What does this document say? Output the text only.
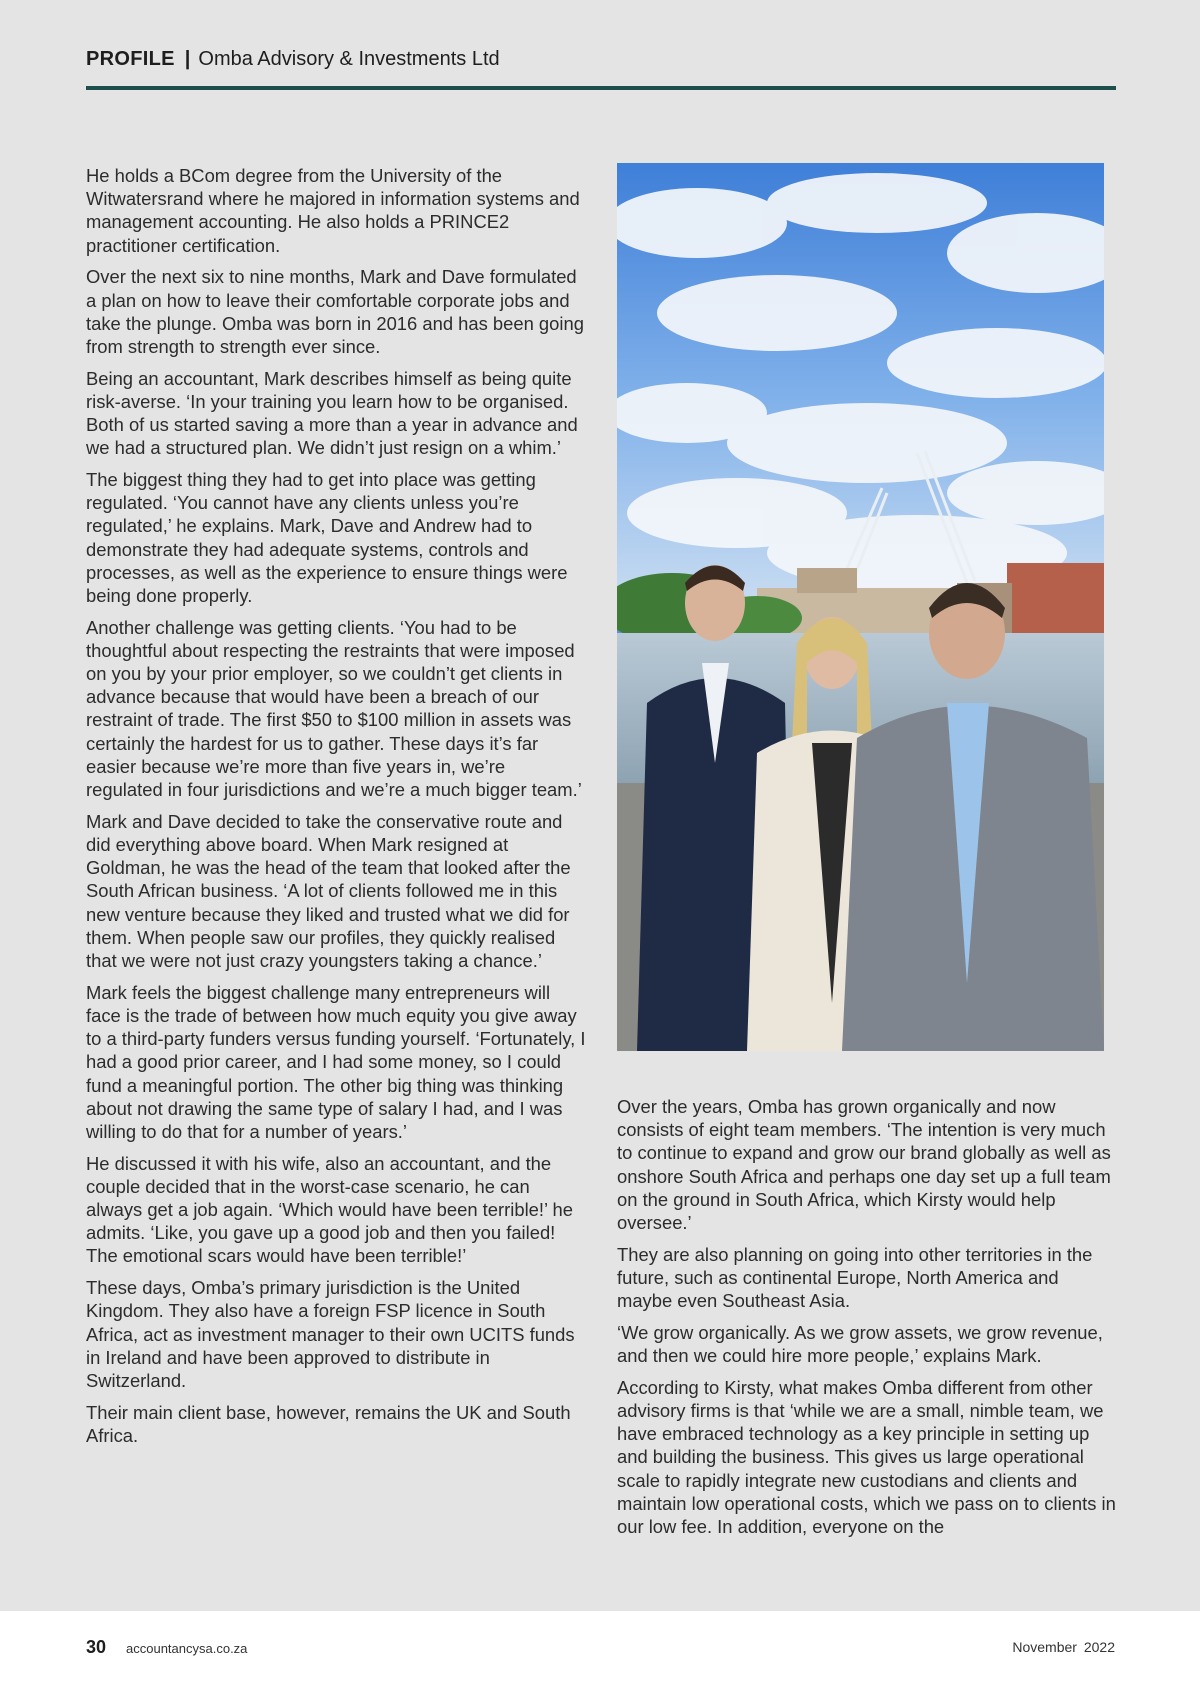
PROFILE | Omba Advisory & Investments Ltd

He holds a BCom degree from the University of the Witwatersrand where he majored in information systems and management accounting. He also holds a PRINCE2 practitioner certification.

Over the next six to nine months, Mark and Dave formulated a plan on how to leave their comfortable corporate jobs and take the plunge. Omba was born in 2016 and has been going from strength to strength ever since.

Being an accountant, Mark describes himself as being quite risk-averse. ‘In your training you learn how to be organised. Both of us started saving a more than a year in advance and we had a structured plan. We didn’t just resign on a whim.’

The biggest thing they had to get into place was getting regulated. ‘You cannot have any clients unless you’re regulated,’ he explains. Mark, Dave and Andrew had to demonstrate they had adequate systems, controls and processes, as well as the experience to ensure things were being done properly.

Another challenge was getting clients. ‘You had to be thoughtful about respecting the restraints that were imposed on you by your prior employer, so we couldn’t get clients in advance because that would have been a breach of our restraint of trade. The first $50 to $100 million in assets was certainly the hardest for us to gather. These days it’s far easier because we’re more than five years in, we’re regulated in four jurisdictions and we’re a much bigger team.’

Mark and Dave decided to take the conservative route and did everything above board. When Mark resigned at Goldman, he was the head of the team that looked after the South African business. ‘A lot of clients followed me in this new venture because they liked and trusted what we did for them. When people saw our profiles, they quickly realised that we were not just crazy youngsters taking a chance.’

Mark feels the biggest challenge many entrepreneurs will face is the trade of between how much equity you give away to a third-party funders versus funding yourself. ‘Fortunately, I had a good prior career, and I had some money, so I could fund a meaningful portion. The other big thing was thinking about not drawing the same type of salary I had, and I was willing to do that for a number of years.’

He discussed it with his wife, also an accountant, and the couple decided that in the worst-case scenario, he can always get a job again. ‘Which would have been terrible!’ he admits. ‘Like, you gave up a good job and then you failed! The emotional scars would have been terrible!’

These days, Omba’s primary jurisdiction is the United Kingdom. They also have a foreign FSP licence in South Africa, act as investment manager to their own UCITS funds in Ireland and have been approved to distribute in Switzerland.

Their main client base, however, remains the UK and South Africa.

Over the years, Omba has grown organically and now consists of eight team members. ‘The intention is very much to continue to expand and grow our brand globally as well as onshore South Africa and perhaps one day set up a full team on the ground in South Africa, which Kirsty would help oversee.’

They are also planning on going into other territories in the future, such as continental Europe, North America and maybe even Southeast Asia.

‘We grow organically. As we grow assets, we grow revenue, and then we could hire more people,’ explains Mark.

According to Kirsty, what makes Omba different from other advisory firms is that ‘while we are a small, nimble team, we have embraced technology as a key principle in setting up and building the business. This gives us large operational scale to rapidly integrate new custodians and clients and maintain low operational costs, which we pass on to clients in our low fee. In addition, everyone on the

30 accountancysa.co.za	November 2022
